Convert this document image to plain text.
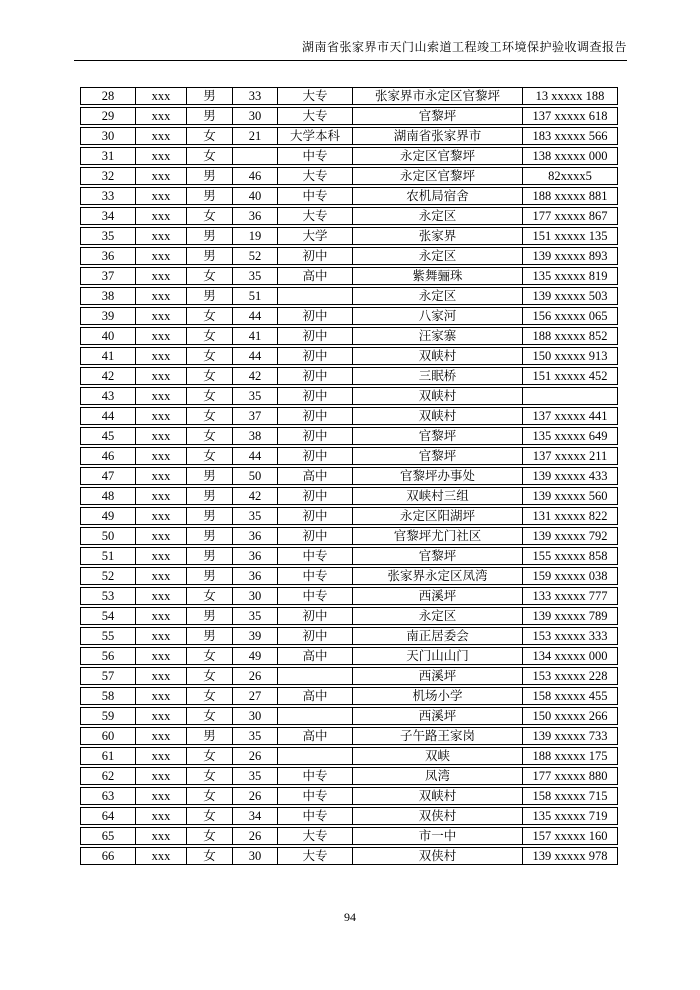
湖南省张家界市天门山索道工程竣工环境保护验收调查报告
28	xxx	男	33	大专	张家界市永定区官黎坪	13 xxxxx 188
29	xxx	男	30	大专	官黎坪	137 xxxxx 618
30	xxx	女	21	大学本科	湖南省张家界市	183 xxxxx 566
31	xxx	女		中专	永定区官黎坪	138 xxxxx 000
32	xxx	男	46	大专	永定区官黎坪	82xxxx5
33	xxx	男	40	中专	农机局宿舍	188 xxxxx 881
34	xxx	女	36	大专	永定区	177 xxxxx 867
35	xxx	男	19	大学	张家界	151 xxxxx 135
36	xxx	男	52	初中	永定区	139 xxxxx 893
37	xxx	女	35	高中	紫舞骊珠	135 xxxxx 819
38	xxx	男	51		永定区	139 xxxxx 503
39	xxx	女	44	初中	八家河	156 xxxxx 065
40	xxx	女	41	初中	汪家寨	188 xxxxx 852
41	xxx	女	44	初中	双峡村	150 xxxxx 913
42	xxx	女	42	初中	三眠桥	151 xxxxx 452
43	xxx	女	35	初中	双峡村	
44	xxx	女	37	初中	双峡村	137 xxxxx 441
45	xxx	女	38	初中	官黎坪	135 xxxxx 649
46	xxx	女	44	初中	官黎坪	137 xxxxx 211
47	xxx	男	50	高中	官黎坪办事处	139 xxxxx 433
48	xxx	男	42	初中	双峡村三组	139 xxxxx 560
49	xxx	男	35	初中	永定区阳湖坪	131 xxxxx 822
50	xxx	男	36	初中	官黎坪尤门社区	139 xxxxx 792
51	xxx	男	36	中专	官黎坪	155 xxxxx 858
52	xxx	男	36	中专	张家界永定区凤湾	159 xxxxx 038
53	xxx	女	30	中专	西溪坪	133 xxxxx 777
54	xxx	男	35	初中	永定区	139 xxxxx 789
55	xxx	男	39	初中	南正居委会	153 xxxxx 333
56	xxx	女	49	高中	天门山山门	134 xxxxx 000
57	xxx	女	26		西溪坪	153 xxxxx 228
58	xxx	女	27	高中	机场小学	158 xxxxx 455
59	xxx	女	30		西溪坪	150 xxxxx 266
60	xxx	男	35	高中	子午路王家岗	139 xxxxx 733
61	xxx	女	26		双峡	188 xxxxx 175
62	xxx	女	35	中专	凤湾	177 xxxxx 880
63	xxx	女	26	中专	双峡村	158 xxxxx 715
64	xxx	女	34	中专	双侠村	135 xxxxx 719
65	xxx	女	26	大专	市一中	157 xxxxx 160
66	xxx	女	30	大专	双侠村	139 xxxxx 978
94
